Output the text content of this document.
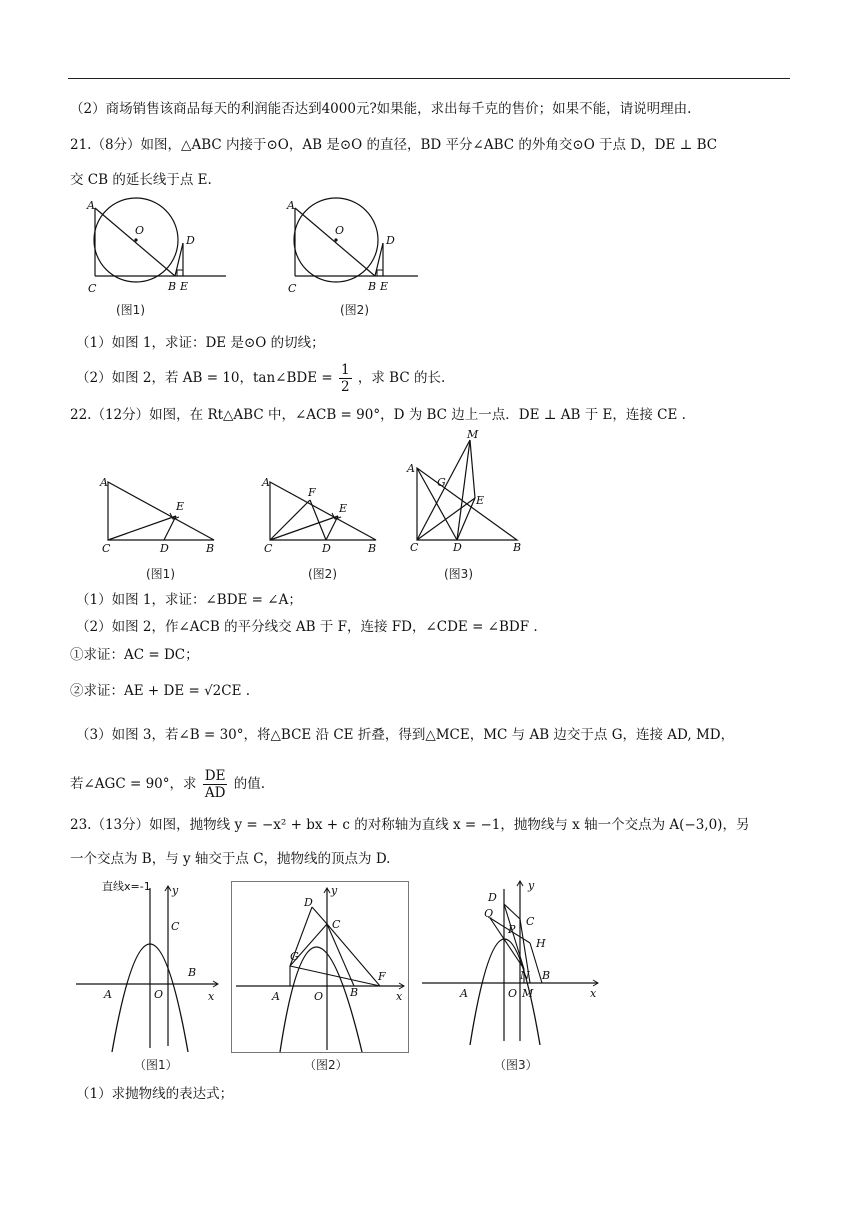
（2）商场销售该商品每天的利润能否达到4000元?如果能，求出每千克的售价；如果不能，请说明理由.
21.（8分）如图，△ABC 内接于⊙O，AB 是⊙O 的直径，BD 平分∠ABC 的外角交⊙O 于点 D，DE ⊥ BC
交 CB 的延长线于点 E.
A
O
D
C	B E
(图1)
A
O
D
C	B E
(图2)
（1）如图 1，求证：DE 是⊙O 的切线；
（2）如图 2，若 AB = 10，tan∠BDE = $\frac{1}{2}$ ，求 BC 的长.
22.（12分）如图，在 Rt△ABC 中，∠ACB = 90°，D 为 BC 边上一点．DE ⊥ AB 于 E，连接 CE .
A
E
C	D	B
(图1)
A
F
E
C	D	B
(图2)
A
M
G
E
C	D	B
(图3)
（1）如图 1，求证：∠BDE = ∠A；
（2）如图 2，作∠ACB 的平分线交 AB 于 F，连接 FD，∠CDE = ∠BDF .
①求证：AC = DC；
②求证：AE + DE = √2CE .
（3）如图 3，若∠B = 30°，将△BCE 沿 CE 折叠，得到△MCE，MC 与 AB 边交于点 G，连接 AD, MD，
若∠AGC = 90°，求 $\frac{DE}{AD}$ 的值.
23.（13分）如图，抛物线 y = −x² + bx + c 的对称轴为直线 x = −1，抛物线与 x 轴一个交点为 A(−3,0)，另
一个交点为 B，与 y 轴交于点 C，抛物线的顶点为 D.
直线x=-1 y
C
B
A	O	x
（图1）
D
y
C
G
F
B
A	O	x
（图2）
D
y
C
Q
P
H
N B
A	O M	x
（图3）
（1）求抛物线的表达式；
